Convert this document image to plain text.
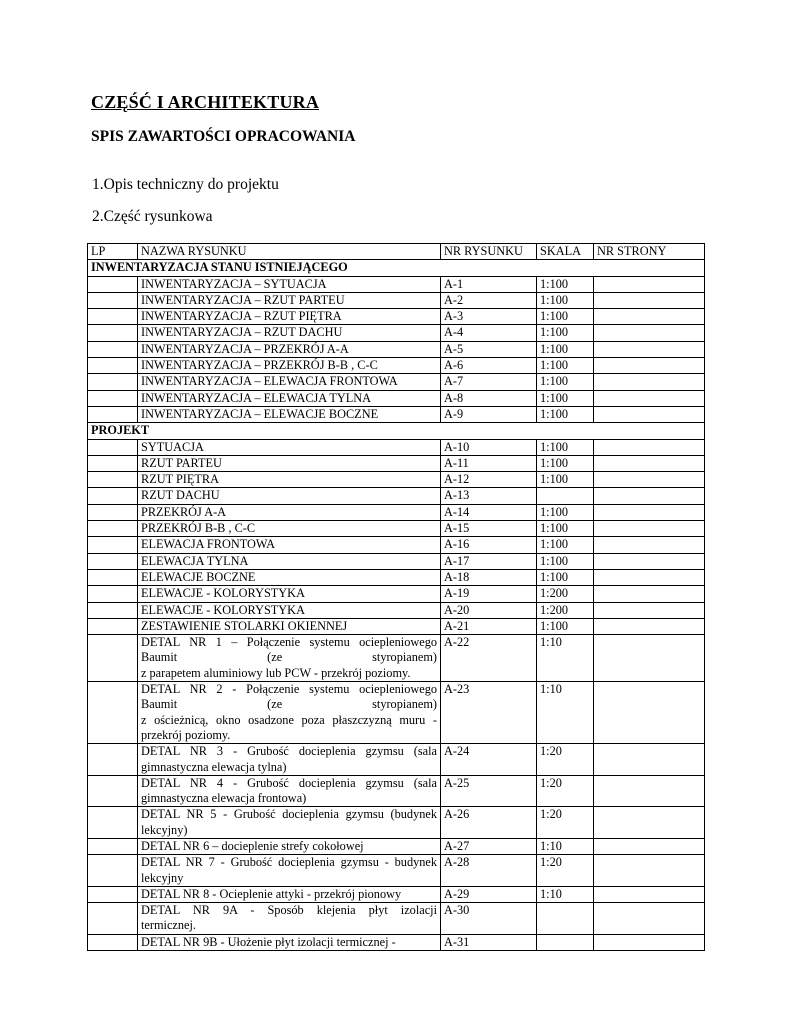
CZĘŚĆ I ARCHITEKTURA
SPIS ZAWARTOŚCI OPRACOWANIA
1.Opis techniczny do projektu
2.Część rysunkowa
LP	NAZWA RYSUNKU	NR RYSUNKU	SKALA	NR STRONY
INWENTARYZACJA STANU ISTNIEJĄCEGO				

	INWENTARYZACJA – SYTUACJA	A-1	1:100	

	INWENTARYZACJA – RZUT PARTEU	A-2	1:100	

	INWENTARYZACJA – RZUT PIĘTRA	A-3	1:100	

	INWENTARYZACJA – RZUT DACHU	A-4	1:100	

	INWENTARYZACJA – PRZEKRÓJ A-A	A-5	1:100	

	INWENTARYZACJA – PRZEKRÓJ B-B , C-C	A-6	1:100	

	INWENTARYZACJA – ELEWACJA FRONTOWA	A-7	1:100	

	INWENTARYZACJA – ELEWACJA TYLNA	A-8	1:100	

	INWENTARYZACJA – ELEWACJE BOCZNE	A-9	1:100	
PROJEKT				

	SYTUACJA	A-10	1:100	

	RZUT PARTEU	A-11	1:100	

	RZUT PIĘTRA	A-12	1:100	

	RZUT DACHU	A-13		

	PRZEKRÓJ A-A	A-14	1:100	

	PRZEKRÓJ B-B , C-C	A-15	1:100	

	ELEWACJA FRONTOWA	A-16	1:100	

	ELEWACJA TYLNA	A-17	1:100	

	ELEWACJE BOCZNE	A-18	1:100	

	ELEWACJE - KOLORYSTYKA	A-19	1:200	

	ELEWACJE - KOLORYSTYKA	A-20	1:200	

	ZESTAWIENIE STOLARKI OKIENNEJ	A-21	1:100	

	DETAL NR 1 – Połączenie systemu ociepleniowego
Baumit (ze styropianem)
z parapetem aluminiowy lub PCW - przekrój poziomy.	A-22	1:10	

	DETAL NR 2 - Połączenie systemu ociepleniowego
Baumit (ze styropianem)
z ościeżnicą, okno osadzone poza płaszczyzną muru -
przekrój poziomy.	A-23	1:10	

	DETAL NR 3 - Grubość docieplenia gzymsu (sala
gimnastyczna elewacja tylna)	A-24	1:20	

	DETAL NR 4 - Grubość docieplenia gzymsu (sala
gimnastyczna elewacja frontowa)	A-25	1:20	

	DETAL NR 5 - Grubość docieplenia gzymsu (budynek
lekcyjny)	A-26	1:20	

	DETAL NR 6 – docieplenie strefy cokołowej	A-27	1:10	

	DETAL NR 7 - Grubość docieplenia gzymsu - budynek
lekcyjny	A-28	1:20	

	DETAL NR 8 - Ocieplenie attyki - przekrój pionowy	A-29	1:10	

	DETAL NR 9A - Sposób klejenia płyt izolacji
termicznej.	A-30		

	DETAL NR 9B - Ułożenie płyt izolacji termicznej -	A-31		
